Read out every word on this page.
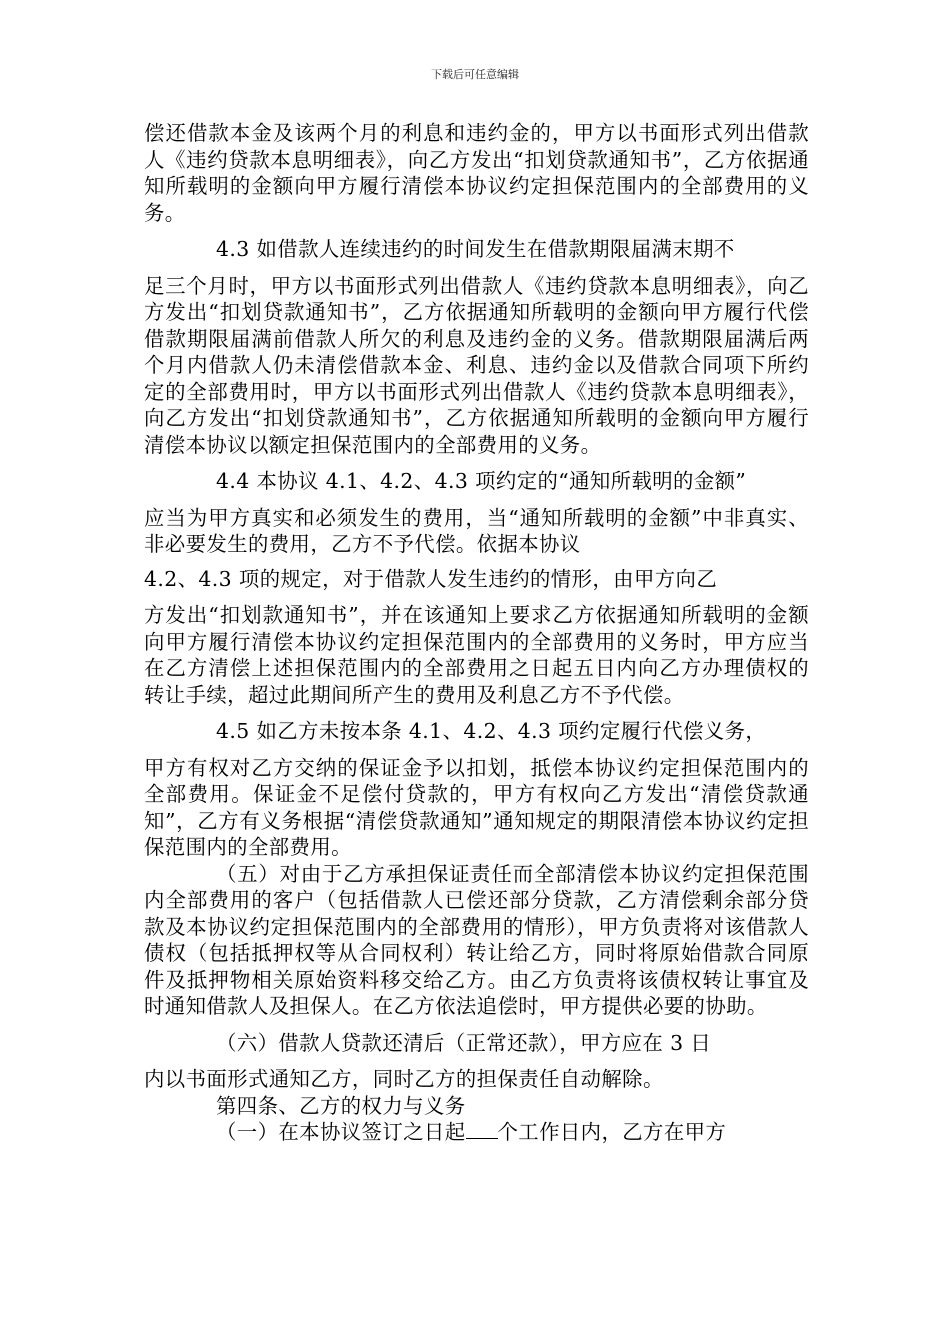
下载后可任意编辑

偿还借款本金及该两个月的利息和违约金的，甲方以书面形式列出借款人《违约贷款本息明细表》，向乙方发出“扣划贷款通知书”，乙方依据通知所载明的金额向甲方履行清偿本协议约定担保范围内的全部费用的义务。

4.3 如借款人连续违约的时间发生在借款期限届满末期不

足三个月时，甲方以书面形式列出借款人《违约贷款本息明细表》，向乙方发出“扣划贷款通知书”，乙方依据通知所载明的金额向甲方履行代偿借款期限届满前借款人所欠的利息及违约金的义务。借款期限届满后两个月内借款人仍未清偿借款本金、利息、违约金以及借款合同项下所约定的全部费用时，甲方以书面形式列出借款人《违约贷款本息明细表》，向乙方发出“扣划贷款通知书”，乙方依据通知所载明的金额向甲方履行清偿本协议以额定担保范围内的全部费用的义务。

4.4 本协议 4.1、4.2、4.3 项约定的“通知所载明的金额”

应当为甲方真实和必须发生的费用，当“通知所载明的金额”中非真实、非必要发生的费用，乙方不予代偿。依据本协议

4.2、4.3 项的规定，对于借款人发生违约的情形，由甲方向乙

方发出“扣划款通知书”，并在该通知上要求乙方依据通知所载明的金额向甲方履行清偿本协议约定担保范围内的全部费用的义务时，甲方应当在乙方清偿上述担保范围内的全部费用之日起五日内向乙方办理债权的转让手续，超过此期间所产生的费用及利息乙方不予代偿。

4.5 如乙方未按本条 4.1、4.2、4.3 项约定履行代偿义务，

甲方有权对乙方交纳的保证金予以扣划，抵偿本协议约定担保范围内的全部费用。保证金不足偿付贷款的，甲方有权向乙方发出“清偿贷款通知”，乙方有义务根据“清偿贷款通知”通知规定的期限清偿本协议约定担保范围内的全部费用。

（五）对由于乙方承担保证责任而全部清偿本协议约定担保范围内全部费用的客户（包括借款人已偿还部分贷款，乙方清偿剩余部分贷款及本协议约定担保范围内的全部费用的情形），甲方负责将对该借款人债权（包括抵押权等从合同权利）转让给乙方，同时将原始借款合同原件及抵押物相关原始资料移交给乙方。由乙方负责将该债权转让事宜及时通知借款人及担保人。在乙方依法追偿时，甲方提供必要的协助。

（六）借款人贷款还清后（正常还款），甲方应在 3 日

内以书面形式通知乙方，同时乙方的担保责任自动解除。

第四条、乙方的权力与义务

（一）在本协议签订之日起 个工作日内，乙方在甲方
